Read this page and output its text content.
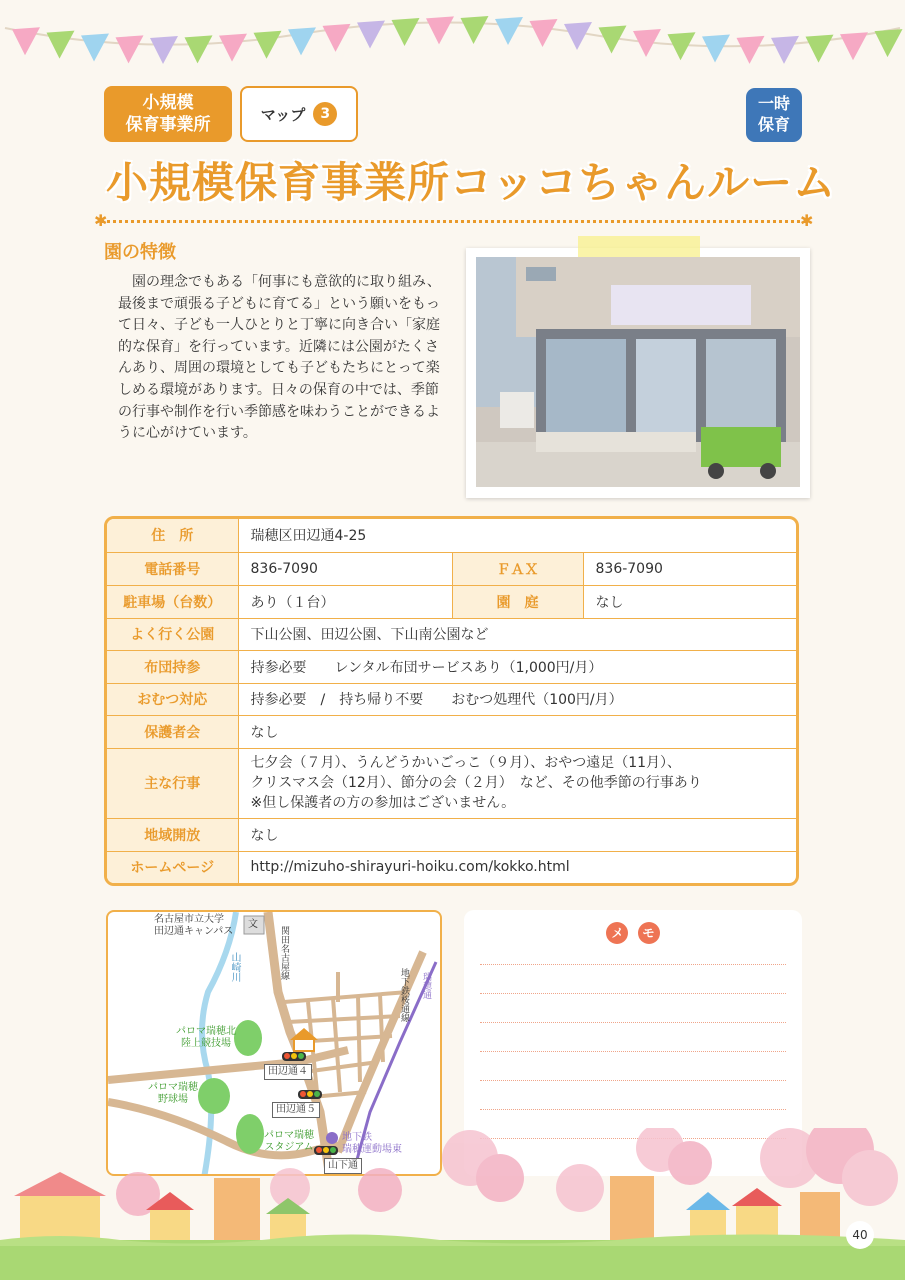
小規模
保育事業所
マップ	3
一時
保育
小規模保育事業所コッコちゃんルーム
✱	✱
園の特徴
園の理念でもある「何事にも意欲的に取り組み、最後まで頑張る子どもに育てる」という願いをもって日々、子ども一人ひとりと丁寧に向き合い「家庭的な保育」を行っています。近隣には公園がたくさんあり、周囲の環境としても子どもたちにとって楽しめる環境があります。日々の保育の中では、季節の行事や制作を行い季節感を味わうことができるように心がけています。
住　所	瑞穂区田辺通4-25		
電話番号	836-7090	ＦＡＸ	836-7090
駐車場（台数）	あり（１台）	園　庭	なし
よく行く公園	下山公園、田辺公園、下山南公園など		
布団持参	持参必要　　レンタル布団サービスあり（1,000円/月）		
おむつ対応	持参必要　/　持ち帰り不要　　おむつ処理代（100円/月）		
保護者会	なし		
主な行事	七夕会（７月）、うんどうかいごっこ（９月）、おやつ遠足（11月）、
クリスマス会（12月）、節分の会（２月）　など、その他季節の行事あり
※但し保護者の方の参加はございません。		

地域開放	なし		
ホームページ	http://mizuho-shirayuri-hoiku.com/kokko.html		
名古屋市立大学
田辺通キャンパス
文
山崎川	関田名古屋線
地下鉄桜通線 瑞穂通
パロマ瑞穂北
陸上競技場
パロマ瑞穂
野球場
パロマ瑞穂
スタジアム
田辺通４
田辺通５
山下通
地下鉄
瑞穂運動場東
メ モ
40
